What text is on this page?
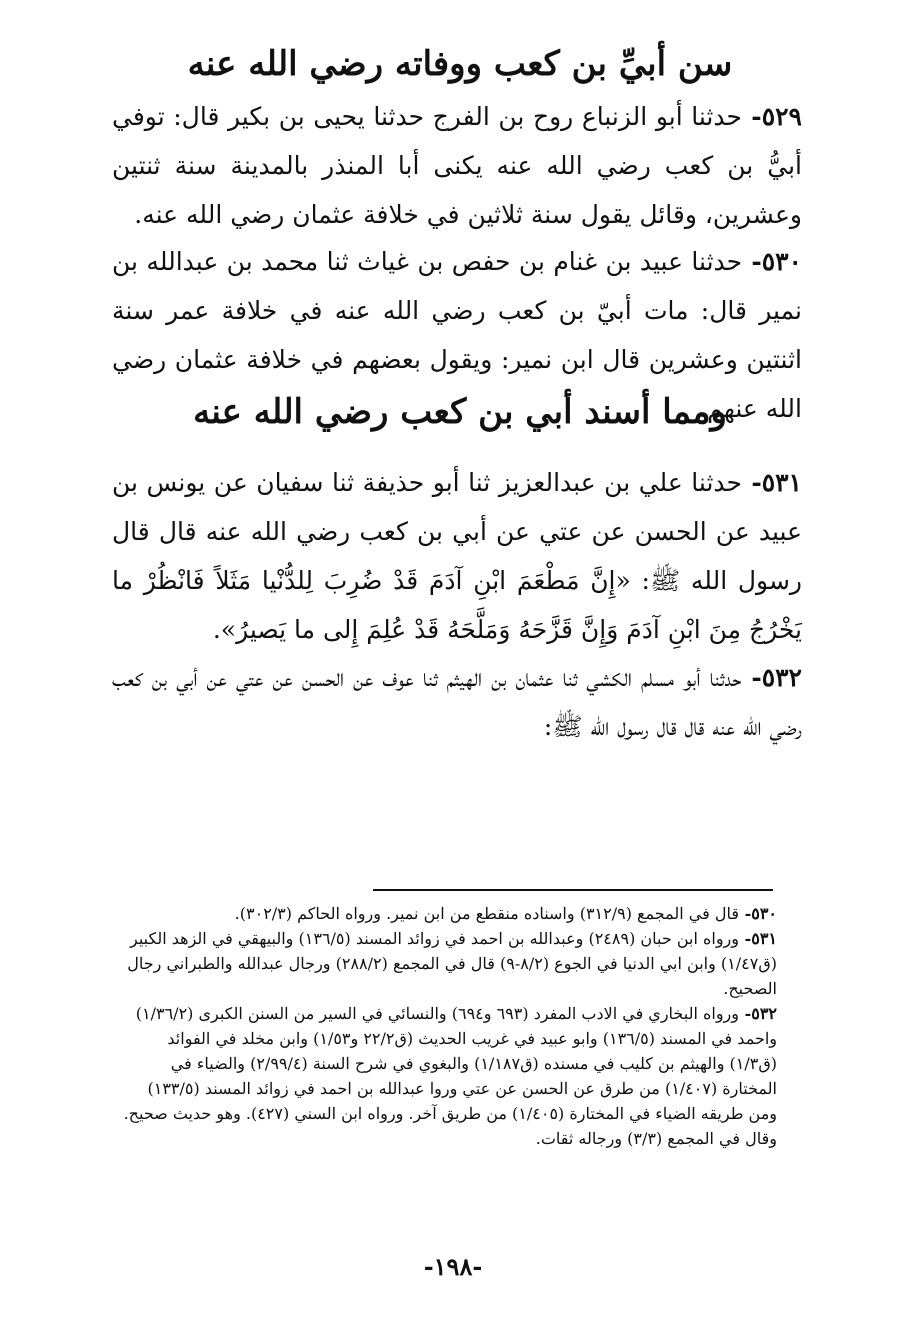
سن أبيِّ بن كعب ووفاته رضي الله عنه
٥٢٩- حدثنا أبو الزنباع روح بن الفرج حدثنا يحيى بن بكير قال: توفي أبيُّ بن كعب رضي الله عنه يكنى أبا المنذر بالمدينة سنة ثنتين وعشرين، وقائل يقول سنة ثلاثين في خلافة عثمان رضي الله عنه.
٥٣٠- حدثنا عبيد بن غنام بن حفص بن غياث ثنا محمد بن عبدالله بن نمير قال: مات أبيّ بن كعب رضي الله عنه في خلافة عمر سنة اثنتين وعشرين قال ابن نمير: ويقول بعضهم في خلافة عثمان رضي الله عنهم.
ومما أسند أبي بن كعب رضي الله عنه
٥٣١- حدثنا علي بن عبدالعزيز ثنا أبو حذيفة ثنا سفيان عن يونس بن عبيد عن الحسن عن عتي عن أبي بن كعب رضي الله عنه قال قال رسول الله ﷺ: «إِنَّ مَطْعَمَ ابْنِ آدَمَ قَدْ ضُرِبَ لِلدُّنْيا مَثَلاً فَانْظُرْ ما يَخْرُجُ مِنَ ابْنِ آدَمَ وَإِنَّ قَزَّحَهُ وَمَلَّحَهُ قَدْ عُلِمَ إِلى ما يَصيرُ».
٥٣٢- حدثنا أبو مسلم الكشي ثنا عثمان بن الهيثم ثنا عوف عن الحسن عن عتي عن أبي بن كعب رضي الله عنه قال قال رسول الله ﷺ:

٥٣٠- قال في المجمع (٣١٢/٩) واسناده منقطع من ابن نمير. ورواه الحاكم (٣٠٢/٣).

٥٣١- ورواه ابن حبان (٢٤٨٩) وعبدالله بن احمد في زوائد المسند (١٣٦/٥) والبيهقي في الزهد الكبير (ق١/٤٧) وابن ابي الدنيا في الجوع (٨/٢-٩) قال في المجمع (٢٨٨/٢) ورجال عبدالله والطبراني رجال الصحيح.

٥٣٢- ورواه البخاري في الادب المفرد (٦٩٣ و٦٩٤) والنسائي في السير من السنن الكبرى (١/٣٦/٢) واحمد في المسند (١٣٦/٥) وابو عبيد في غريب الحديث (ق٢٢/٢ و١/٥٣) وابن مخلد في الفوائد (ق١/٣) والهيثم بن كليب في مسنده (ق١/١٨٧) والبغوي في شرح السنة (٢/٩٩/٤) والضياء في المختارة (١/٤٠٧) من طرق عن الحسن عن عتي وروا عبدالله بن احمد في زوائد المسند (١٣٣/٥) ومن طريقه الضياء في المختارة (١/٤٠٥) من طريق آخر. ورواه ابن السني (٤٢٧). وهو حديث صحيح. وقال في المجمع (٣/٣) ورجاله ثقات.

-١٩٨-
